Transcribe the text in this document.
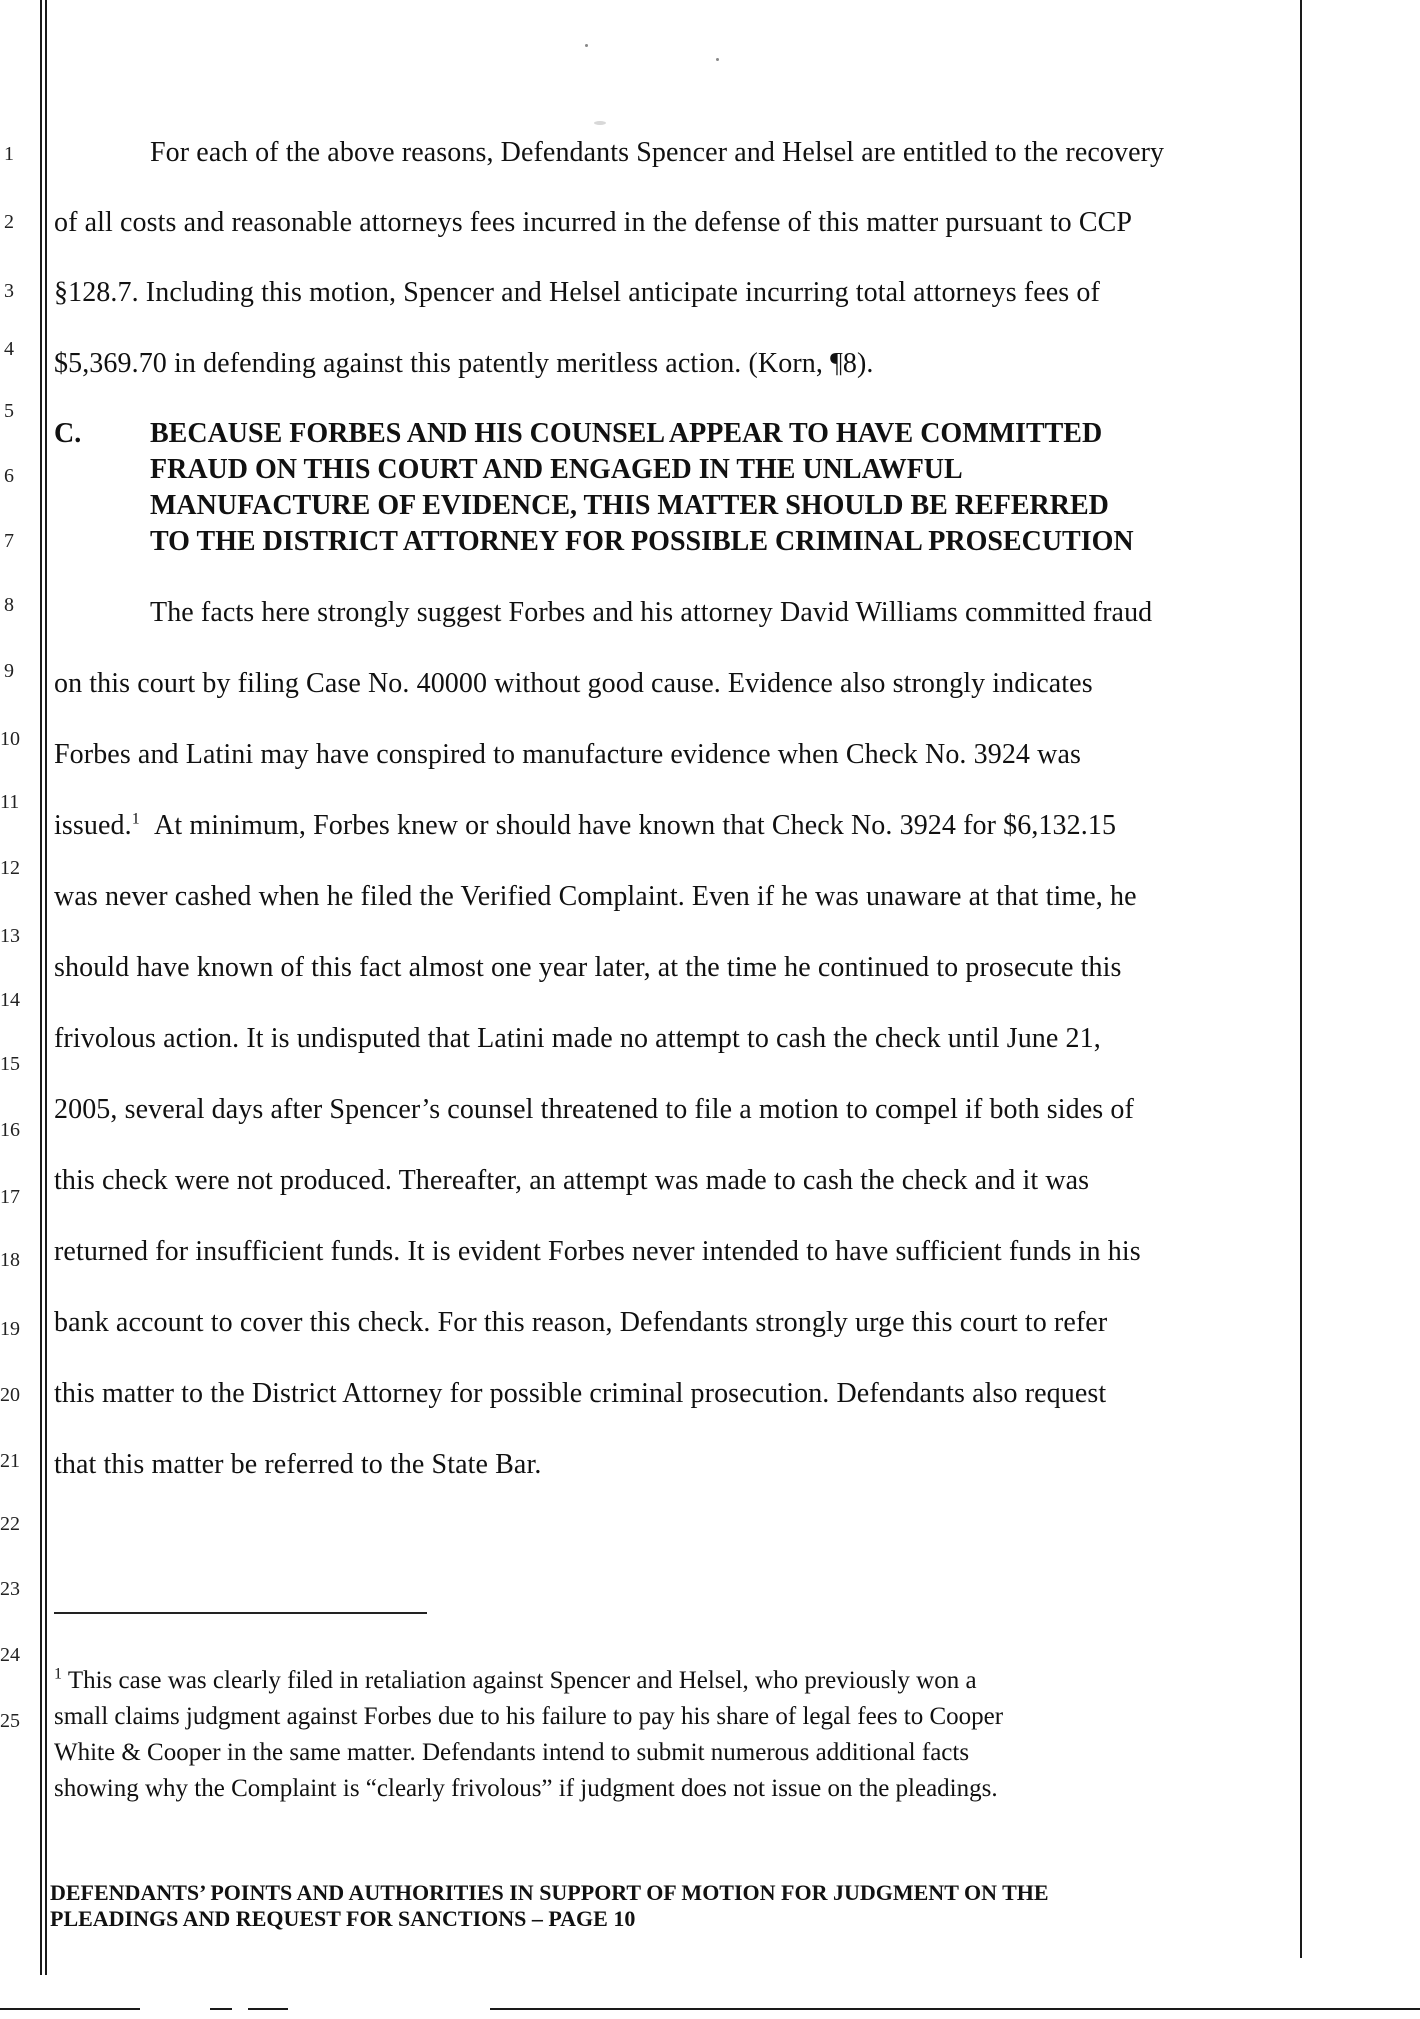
1
2
3
4
5
6
7
8
9
10
11
12
13
14
15
16
17
18
19
20
21
22
23
24
25
For each of the above reasons, Defendants Spencer and Helsel are entitled to the recovery
of all costs and reasonable attorneys fees incurred in the defense of this matter pursuant to CCP
§128.7. Including this motion, Spencer and Helsel anticipate incurring total attorneys fees of
$5,369.70 in defending against this patently meritless action. (Korn, ¶8).
C. BECAUSE FORBES AND HIS COUNSEL APPEAR TO HAVE COMMITTED
FRAUD ON THIS COURT AND ENGAGED IN THE UNLAWFUL
MANUFACTURE OF EVIDENCE, THIS MATTER SHOULD BE REFERRED
TO THE DISTRICT ATTORNEY FOR POSSIBLE CRIMINAL PROSECUTION
The facts here strongly suggest Forbes and his attorney David Williams committed fraud
on this court by filing Case No. 40000 without good cause. Evidence also strongly indicates
Forbes and Latini may have conspired to manufacture evidence when Check No. 3924 was
issued.$^1$ At minimum, Forbes knew or should have known that Check No. 3924 for $6,132.15
was never cashed when he filed the Verified Complaint. Even if he was unaware at that time, he
should have known of this fact almost one year later, at the time he continued to prosecute this
frivolous action. It is undisputed that Latini made no attempt to cash the check until June 21,
2005, several days after Spencer’s counsel threatened to file a motion to compel if both sides of
this check were not produced. Thereafter, an attempt was made to cash the check and it was
returned for insufficient funds. It is evident Forbes never intended to have sufficient funds in his
bank account to cover this check. For this reason, Defendants strongly urge this court to refer
this matter to the District Attorney for possible criminal prosecution. Defendants also request
that this matter be referred to the State Bar.
$^1$ This case was clearly filed in retaliation against Spencer and Helsel, who previously won a
small claims judgment against Forbes due to his failure to pay his share of legal fees to Cooper
White & Cooper in the same matter. Defendants intend to submit numerous additional facts
showing why the Complaint is “clearly frivolous” if judgment does not issue on the pleadings.
DEFENDANTS’ POINTS AND AUTHORITIES IN SUPPORT OF MOTION FOR JUDGMENT ON THE
PLEADINGS AND REQUEST FOR SANCTIONS – PAGE 10
